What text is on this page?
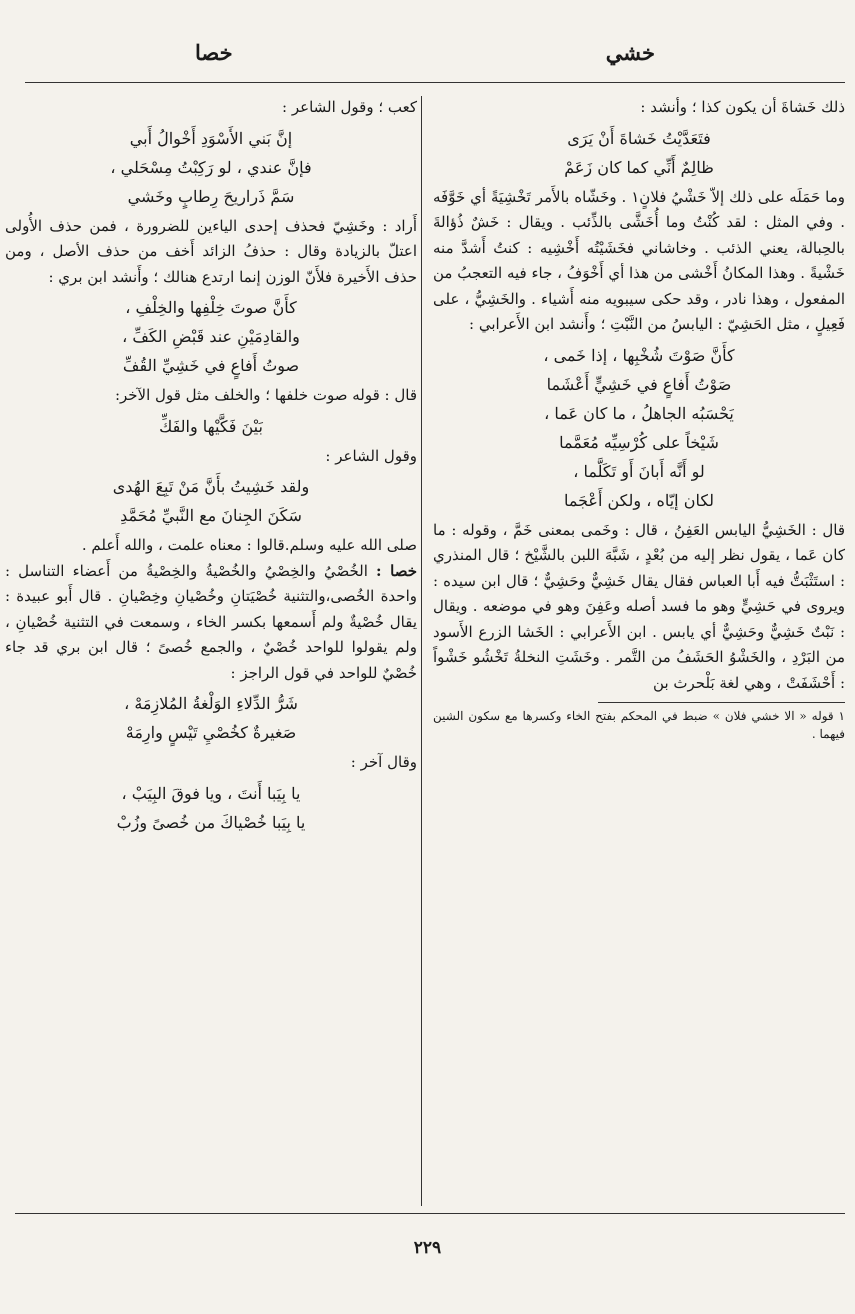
خشي
خصا

ذلك خَشاةَ أن يكون كذا ؛ وأنشد :

فتَعَدَّيْتُ خَشاةَ أَنْ يَرَى
ظالِمٌ أَنِّي كما كان زَعَمْ

وما حَمَلَه على ذلك إلاّ خَشْيُ فلانٍ١ . وخَشّاه بالأَمر تَخْشِيَةً أي خَوَّفَه . وفي المثل : لقد كُنْتُ وما أُخَشَّى بالذِّئب . ويقال : خَشٌ ذُؤالةَ بالحِبالة، يعني الذئب . وخاشاني فخَشَيْتُه أَخْشِيه : كنتُ أَشدَّ منه خَشْيةً . وهذا المكانُ أَخْشى من هذا أي أَخْوَفُ ، جاء فيه التعجبُ من المفعول ، وهذا نادر ، وقد حكى سيبويه منه أَشياء . والخَشِيُّ ، على فَعِيلٍ ، مثل الحَشِيّ : اليابسُ من النَّبْتِ ؛ وأَنشد ابن الأَعرابي :

كأَنَّ صَوْتَ شُخْبِها ، إذا خَمى ،
صَوْتُ أَفاعٍ في خَشِيٍّ أَعْشَما
يَحْسَبُه الجاهلُ ، ما كان عَما ،
شَيْخاً على كُرْسِيِّه مُعَمَّما
لو أَنَّه أَبانَ أَو تَكَلَّما ،
لكان إيّاه ، ولكن أَعْجَما

قال : الخَشِيُّ اليابس العَفِنُ ، قال : وخَمى بمعنى خَمَّ ، وقوله : ما كان عَما ، يقول نظر إليه من بُعْدٍ ، شَبَّهَ اللبن بالشَّيْخ ؛ قال المنذري : استَثْبَتُّ فيه أَبا العباس فقال يقال خَشِيٌّ وحَشِيٌّ ؛ قال ابن سيده : ويروى في حَشِيٍّ وهو ما فسد أصله وعَفِنَ وهو في موضعه . ويقال : نَبْتٌ خَشِيٌّ وحَشِيٌّ أي يابس . ابن الأَعرابي : الخَشا الزرع الأَسود من البَرْدِ ، والخَشْوُ الحَشَفُ من التَّمر . وخَشَتِ النخلةُ تَخْشُو خَشْواً : أَحْشَفَتْ ، وهي لغة بَلْحرث بن

١ قوله « الا خشي فلان » ضبط في المحكم بفتح الخاء وكسرها مع سكون الشين فيهما .

كعب ؛ وقول الشاعر :

إنَّ بَني الأَسْوَدِ أَخْوالُ أَبي
فإنَّ عندي ، لو رَكِبْتُ مِسْحَلي ،
سَمَّ ذَراريحَ رِطابٍ وخَشي

أَراد : وخَشِيّ فحذف إحدى الياءين للضرورة ، فمن حذف الأُولى اعتلّ بالزيادة وقال : حذفُ الزائد أَخف من حذف الأصل ، ومن حذف الأَخيرة فلأَنّ الوزن إنما ارتدع هنالك ؛ وأَنشد ابن بري :

كأَنَّ صوتَ خِلْفِها والخِلْفِ ،
والقادِمَيْنِ عند قَبْضِ الكَفِّ ،
صوتُ أَفاعٍ في خَشِيِّ القُفِّ

قال : قوله صوت خلفها ؛ والخلف مثل قول الآخر:

بَيْنَ فَكَّيْها والفَكِّ

وقول الشاعر :

ولقد خَشِيتُ بأَنَّ مَنْ تَبِعَ الهُدى
سَكَنَ الجِنانَ مع النَّبيِّ مُحَمَّدِ

صلى الله عليه وسلم.قالوا : معناه علمت ، والله أَعلم .

خصا : الخُصْيُ والخِصْيُ والخُصْيةُ والخِصْيةُ من أَعضاء التناسل : واحدة الخُصى،والتثنية خُصْيَتانِ وخُصْيانِ وخِصْيانِ . قال أَبو عبيدة : يقال خُصْيةٌ ولم أَسمعها بكسر الخاء ، وسمعت في التثنية خُصْيانِ ، ولم يقولوا للواحد خُصْيٌ ، والجمع خُصىً ؛ قال ابن بري قد جاء خُصْيٌ للواحد في قول الراجز :

شَرُّ الدِّلاءِ الوَلْغةُ المُلازِمَهْ ،
صَغيرةٌ كخُصْيِ تَيْسٍ وارِمَهْ

وقال آخر :

يا بِيَبا أَنتَ ، ويا فوقَ البِيَبْ ،
يا بِيَبا خُصْياكَ من خُصىً وزُبْ
٢٢٩
